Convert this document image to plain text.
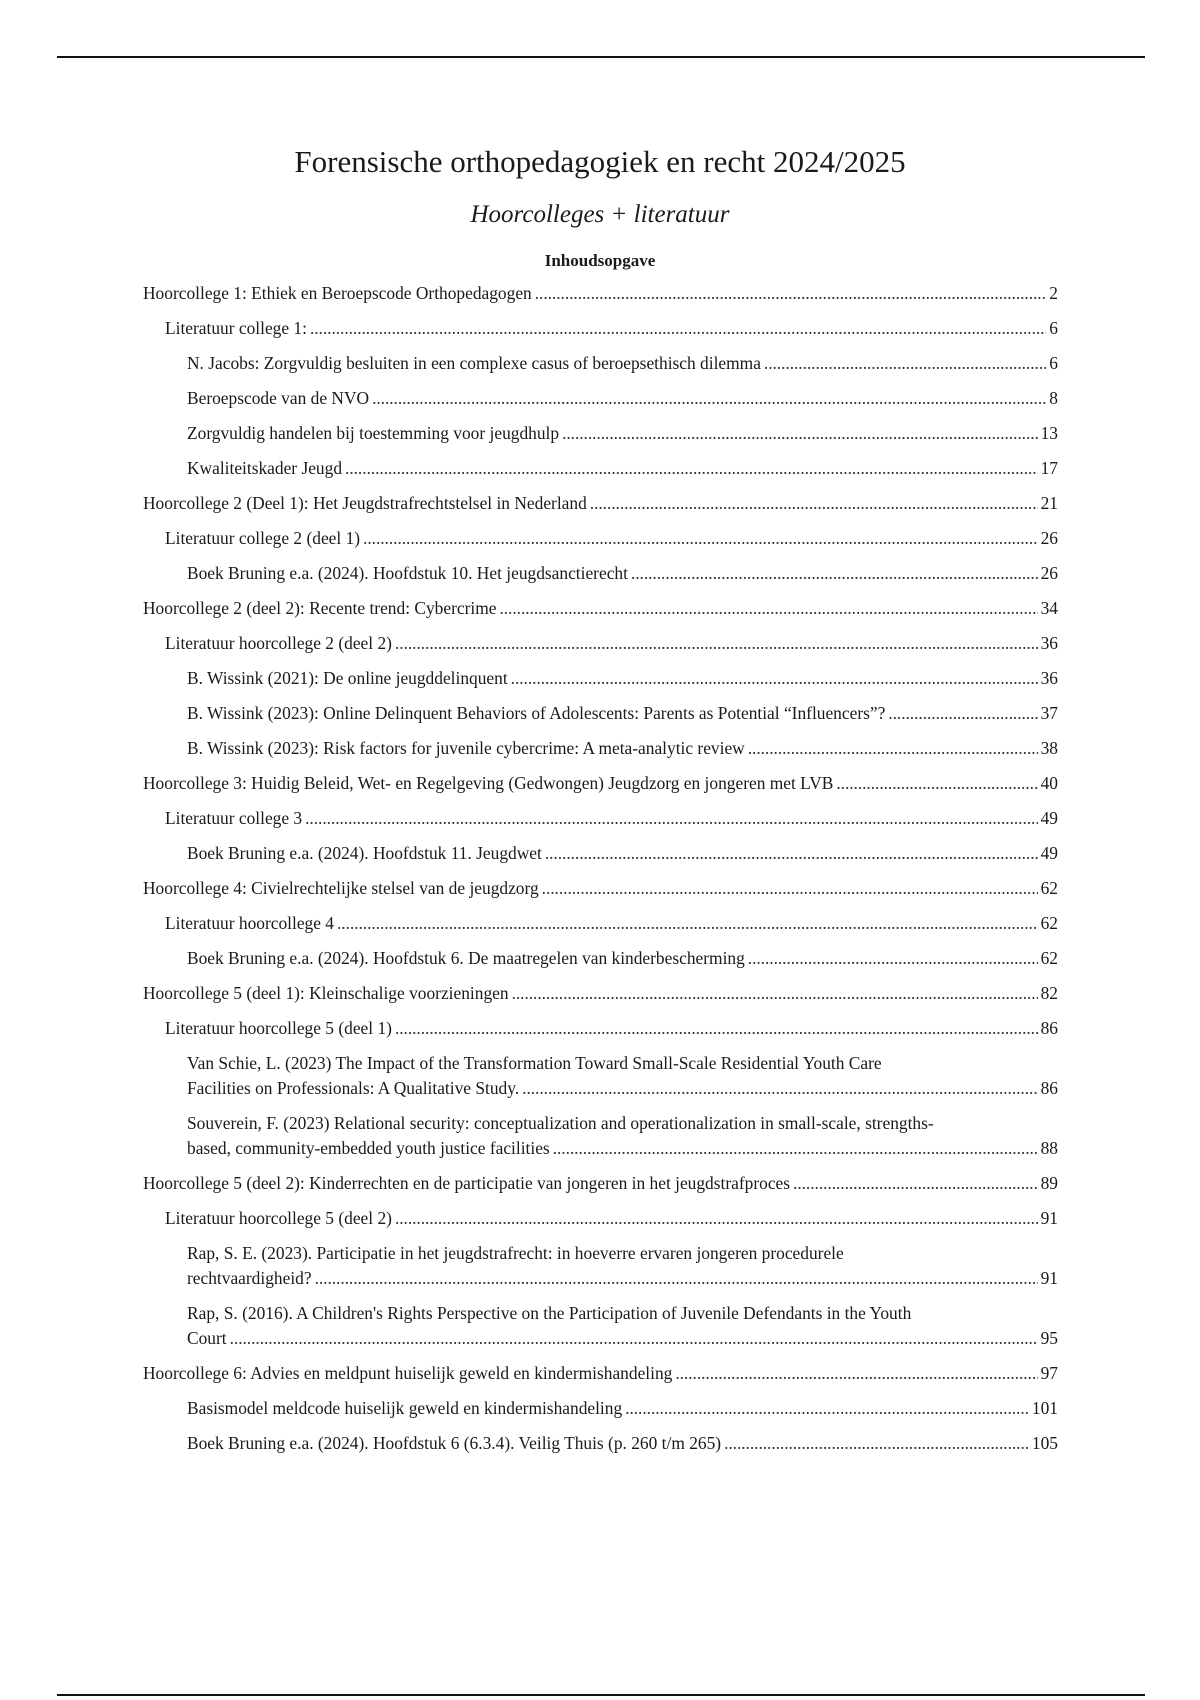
Forensische orthopedagogiek en recht 2024/2025
Hoorcolleges + literatuur
Inhoudsopgave
Hoorcollege 1: Ethiek en Beroepscode Orthopedagogen . . .	2
Literatuur college 1: . . .	6
N. Jacobs: Zorgvuldig besluiten in een complexe casus of beroepsethisch dilemma . . .	6
Beroepscode van de NVO . . .	8
Zorgvuldig handelen bij toestemming voor jeugdhulp . . .	13
Kwaliteitskader Jeugd . . .	17
Hoorcollege 2 (Deel 1): Het Jeugdstrafrechtstelsel in Nederland . . .	21
Literatuur college 2 (deel 1) . . .	26
Boek Bruning e.a. (2024). Hoofdstuk 10. Het jeugdsanctierecht . . .	26
Hoorcollege 2 (deel 2): Recente trend: Cybercrime . . .	34
Literatuur hoorcollege 2 (deel 2) . . .	36
B. Wissink (2021): De online jeugddelinquent . . .	36
B. Wissink (2023): Online Delinquent Behaviors of Adolescents: Parents as Potential “Influencers”? . . .	37
B. Wissink (2023): Risk factors for juvenile cybercrime: A meta-analytic review . . .	38
Hoorcollege 3: Huidig Beleid, Wet- en Regelgeving (Gedwongen) Jeugdzorg en jongeren met LVB . . .	40
Literatuur college 3 . . .	49
Boek Bruning e.a. (2024). Hoofdstuk 11. Jeugdwet . . .	49
Hoorcollege 4: Civielrechtelijke stelsel van de jeugdzorg . . .	62
Literatuur hoorcollege 4 . . .	62
Boek Bruning e.a. (2024). Hoofdstuk 6. De maatregelen van kinderbescherming . . .	62
Hoorcollege 5 (deel 1): Kleinschalige voorzieningen . . .	82
Literatuur hoorcollege 5 (deel 1) . . .	86
Van Schie, L. (2023) The Impact of the Transformation Toward Small-Scale Residential Youth Care
Facilities on Professionals: A Qualitative Study. . . .	86
Souverein, F. (2023) Relational security: conceptualization and operationalization in small-scale, strengths-
based, community-embedded youth justice facilities . . .	88
Hoorcollege 5 (deel 2): Kinderrechten en de participatie van jongeren in het jeugdstrafproces . . .	89
Literatuur hoorcollege 5 (deel 2) . . .	91
Rap, S. E. (2023). Participatie in het jeugdstrafrecht: in hoeverre ervaren jongeren procedurele
rechtvaardigheid? . . .	91
Rap, S. (2016). A Children's Rights Perspective on the Participation of Juvenile Defendants in the Youth
Court . . .	95
Hoorcollege 6: Advies en meldpunt huiselijk geweld en kindermishandeling . . .	97
Basismodel meldcode huiselijk geweld en kindermishandeling . . .	101
Boek Bruning e.a. (2024). Hoofdstuk 6 (6.3.4). Veilig Thuis (p. 260 t/m 265) . . .	105
